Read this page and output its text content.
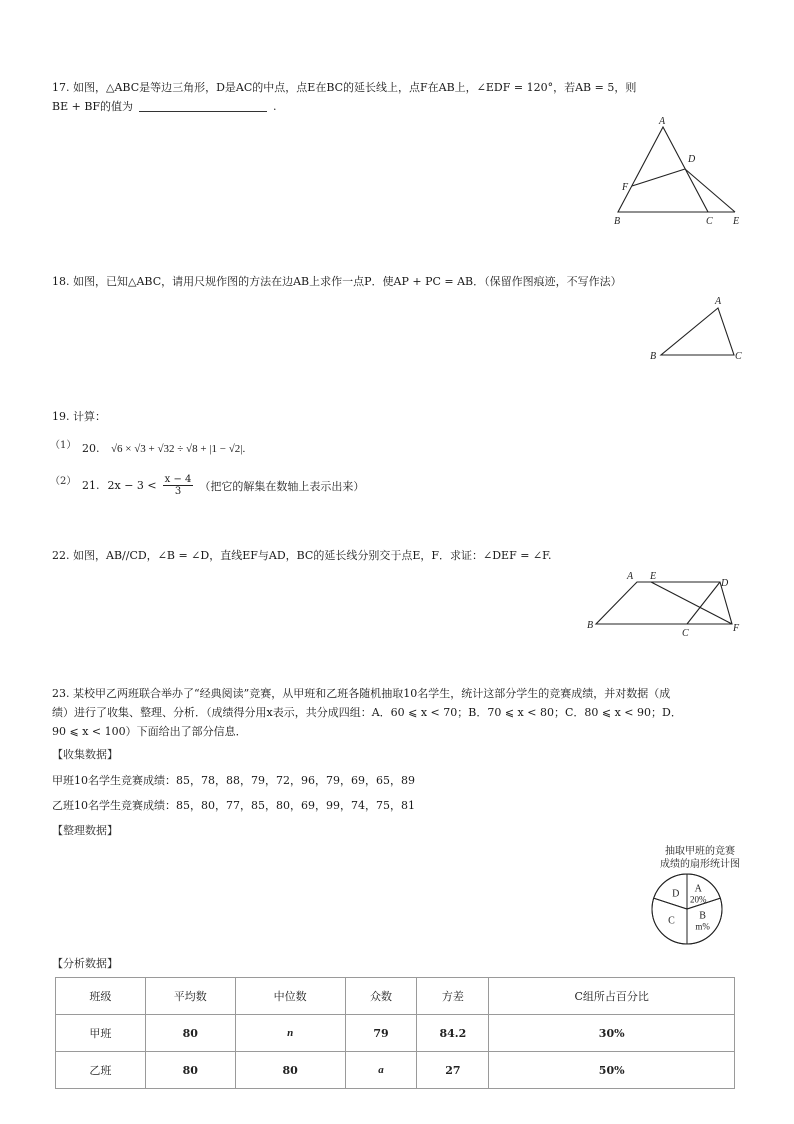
17. 如图，△ABC是等边三角形，D是AC的中点，点E在BC的延长线上，点F在AB上，∠EDF = 120°，若AB = 5，则
BE + BF的值为	.
A
D
F
B	C E
18. 如图，已知△ABC，请用尺规作图的方法在边AB上求作一点P．使AP + PC = AB．（保留作图痕迹，不写作法）
A
B	C
19. 计算：
（1） 20. √6 × √3 + √32 ÷ √8 + |1 − √2|.
（2） 21. $2x - 3 < \frac{x - 4}{3}$ （把它的解集在数轴上表示出来）
22. 如图，AB//CD，∠B = ∠D，直线EF与AD，BC的延长线分别交于点E，F．求证：∠DEF = ∠F.
A E
D
B
C	F
23. 某校甲乙两班联合举办了“经典阅读”竞赛，从甲班和乙班各随机抽取10名学生，统计这部分学生的竞赛成绩，并对数据（成
绩）进行了收集、整理、分析．（成绩得分用x表示，共分成四组：A．60 ⩽ x < 70；B．70 ⩽ x < 80；C．80 ⩽ x < 90；D．
90 ⩽ x < 100）下面给出了部分信息．
【收集数据】
甲班10名学生竞赛成绩：85，78，88，79，72，96，79，69，65，89
乙班10名学生竞赛成绩：85，80，77，85，80，69，99，74，75，81
【整理数据】
抽取甲班的竞赛
成绩的扇形统计图
A
20%
B
m%
C
D
【分析数据】
班级	平均数	中位数	众数	方差	C组所占百分比
甲班	80	n	79	84.2	30%
乙班	80	80	a	27	50%
